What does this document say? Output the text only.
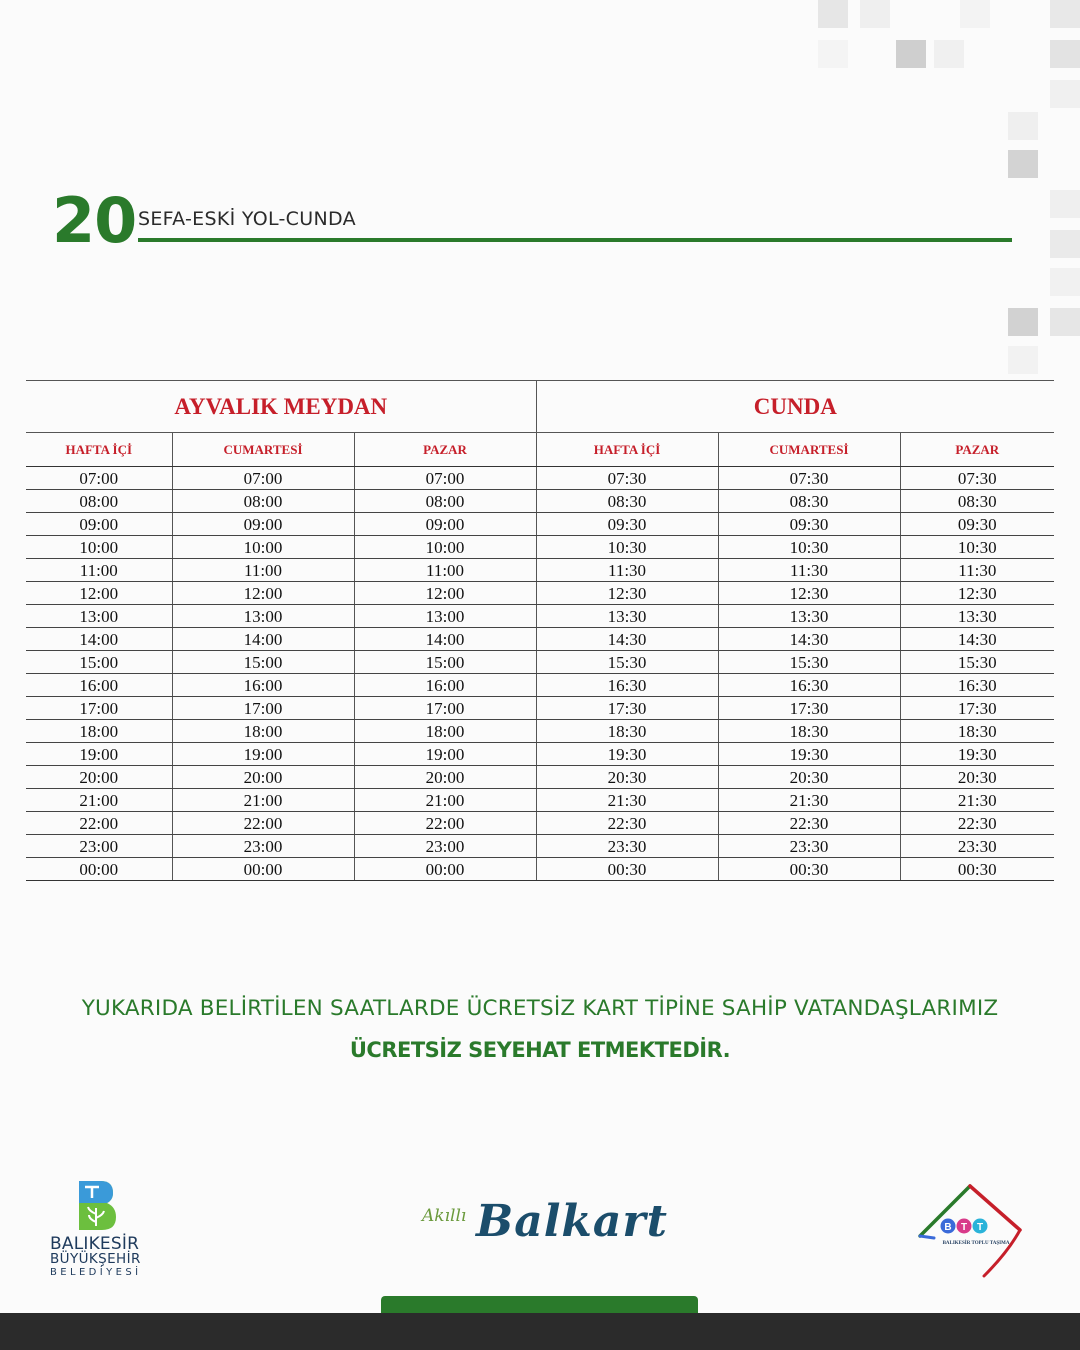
20 SEFA-ESKİ YOL-CUNDA
AYVALIK MEYDAN			CUNDA		
HAFTA İÇİ	CUMARTESİ	PAZAR	HAFTA İÇİ	CUMARTESİ	PAZAR
07:00	07:00	07:00	07:30	07:30	07:30
08:00	08:00	08:00	08:30	08:30	08:30
09:00	09:00	09:00	09:30	09:30	09:30
10:00	10:00	10:00	10:30	10:30	10:30
11:00	11:00	11:00	11:30	11:30	11:30
12:00	12:00	12:00	12:30	12:30	12:30
13:00	13:00	13:00	13:30	13:30	13:30
14:00	14:00	14:00	14:30	14:30	14:30
15:00	15:00	15:00	15:30	15:30	15:30
16:00	16:00	16:00	16:30	16:30	16:30
17:00	17:00	17:00	17:30	17:30	17:30
18:00	18:00	18:00	18:30	18:30	18:30
19:00	19:00	19:00	19:30	19:30	19:30
20:00	20:00	20:00	20:30	20:30	20:30
21:00	21:00	21:00	21:30	21:30	21:30
22:00	22:00	22:00	22:30	22:30	22:30
23:00	23:00	23:00	23:30	23:30	23:30
00:00	00:00	00:00	00:30	00:30	00:30
YUKARIDA BELİRTİLEN SAATLARDE ÜCRETSİZ KART TİPİNE SAHİP VATANDAŞLARIMIZ
ÜCRETSİZ SEYEHAT ETMEKTEDİR.
BALIKESİR
BÜYÜKŞEHİR
BELEDİYESİ
Akıllı Balkart	B T T
BALIKESİR TOPLU TAŞIMA
